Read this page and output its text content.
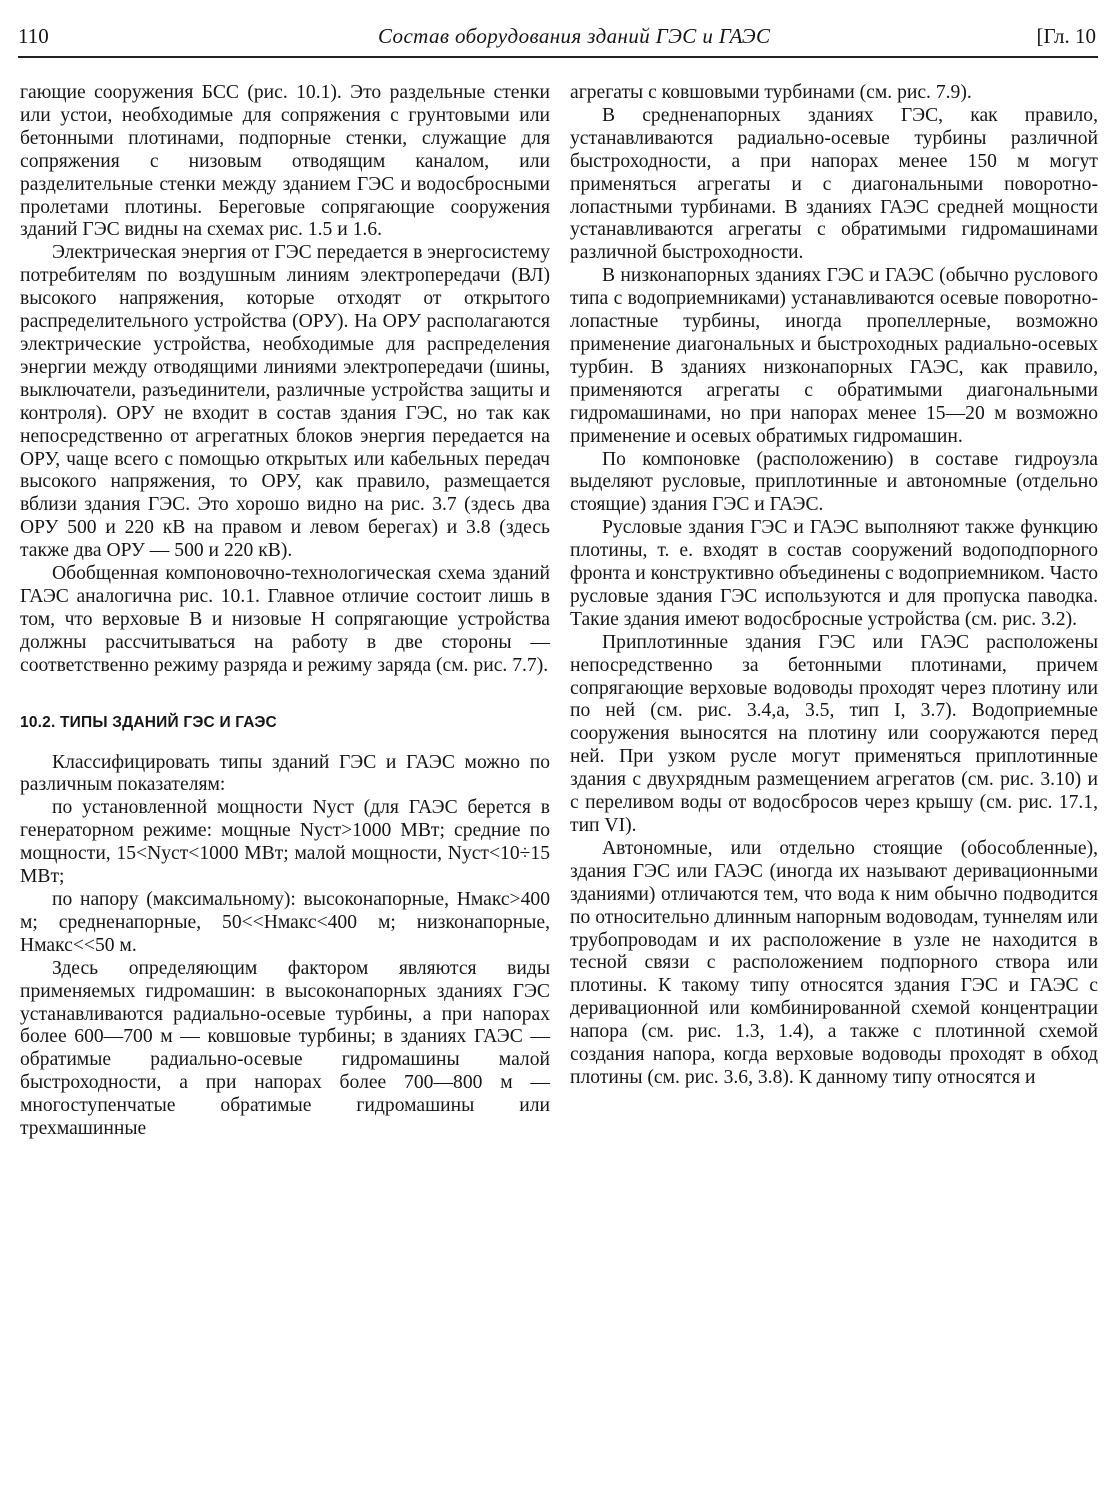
110	Состав оборудования зданий ГЭС и ГАЭС	[Гл. 10

гающие сооружения БСС (рис. 10.1). Это раздельные стенки или устои, необходимые для сопряжения с грунтовыми или бетонными плотинами, подпорные стенки, служащие для сопряжения с низовым отводящим каналом, или разделительные стенки между зданием ГЭС и водосбросными пролетами плотины. Береговые сопрягающие сооружения зданий ГЭС видны на схемах рис. 1.5 и 1.6.

Электрическая энергия от ГЭС передается в энергосистему потребителям по воздушным линиям электропередачи (ВЛ) высокого напряжения, которые отходят от открытого распределительного устройства (ОРУ). На ОРУ располагаются электрические устройства, необходимые для распределения энергии между отводящими линиями электропередачи (шины, выключатели, разъединители, различные устройства защиты и контроля). ОРУ не входит в состав здания ГЭС, но так как непосредственно от агрегатных блоков энергия передается на ОРУ, чаще всего с помощью открытых или кабельных передач высокого напряжения, то ОРУ, как правило, размещается вблизи здания ГЭС. Это хорошо видно на рис. 3.7 (здесь два ОРУ 500 и 220 кВ на правом и левом берегах) и 3.8 (здесь также два ОРУ — 500 и 220 кВ).

Обобщенная компоновочно-технологическая схема зданий ГАЭС аналогична рис. 10.1. Главное отличие состоит лишь в том, что верховые В и низовые Н сопрягающие устройства должны рассчитываться на работу в две стороны — соответственно режиму разряда и режиму заряда (см. рис. 7.7).

10.2. ТИПЫ ЗДАНИЙ ГЭС И ГАЭС

Классифицировать типы зданий ГЭС и ГАЭС можно по различным показателям:

по установленной мощности Nуст (для ГАЭС берется в генераторном режиме: мощные Nуст>1000 МВт; средние по мощности, 15<Nуст<1000 МВт; малой мощности, Nуст<10÷15 МВт;

по напору (максимальному): высоконапорные, Hмакс>400 м; средненапорные, 50<<Hмакс<400 м; низконапорные, Hмакс<<50 м.

Здесь определяющим фактором являются виды применяемых гидромашин: в высоконапорных зданиях ГЭС устанавливаются радиально-осевые турбины, а при напорах более 600—700 м — ковшовые турбины; в зданиях ГАЭС — обратимые радиально-осевые гидромашины малой быстроходности, а при напорах более 700—800 м — многоступенчатые обратимые гидромашины или трехмашинные

агрегаты с ковшовыми турбинами (см. рис. 7.9).

В средненапорных зданиях ГЭС, как правило, устанавливаются радиально-осевые турбины различной быстроходности, а при напорах менее 150 м могут применяться агрегаты и с диагональными поворотно-лопастными турбинами. В зданиях ГАЭС средней мощности устанавливаются агрегаты с обратимыми гидромашинами различной быстроходности.

В низконапорных зданиях ГЭС и ГАЭС (обычно руслового типа с водоприемниками) устанавливаются осевые поворотно-лопастные турбины, иногда пропеллерные, возможно применение диагональных и быстроходных радиально-осевых турбин. В зданиях низконапорных ГАЭС, как правило, применяются агрегаты с обратимыми диагональными гидромашинами, но при напорах менее 15—20 м возможно применение и осевых обратимых гидромашин.

По компоновке (расположению) в составе гидроузла выделяют русловые, приплотинные и автономные (отдельно стоящие) здания ГЭС и ГАЭС.

Русловые здания ГЭС и ГАЭС выполняют также функцию плотины, т. е. входят в состав сооружений водоподпорного фронта и конструктивно объединены с водоприемником. Часто русловые здания ГЭС используются и для пропуска паводка. Такие здания имеют водосбросные устройства (см. рис. 3.2).

Приплотинные здания ГЭС или ГАЭС расположены непосредственно за бетонными плотинами, причем сопрягающие верховые водоводы проходят через плотину или по ней (см. рис. 3.4,а, 3.5, тип I, 3.7). Водоприемные сооружения выносятся на плотину или сооружаются перед ней. При узком русле могут применяться приплотинные здания с двухрядным размещением агрегатов (см. рис. 3.10) и с переливом воды от водосбросов через крышу (см. рис. 17.1, тип VI).

Автономные, или отдельно стоящие (обособленные), здания ГЭС или ГАЭС (иногда их называют деривационными зданиями) отличаются тем, что вода к ним обычно подводится по относительно длинным напорным водоводам, туннелям или трубопроводам и их расположение в узле не находится в тесной связи с расположением подпорного створа или плотины. К такому типу относятся здания ГЭС и ГАЭС с деривационной или комбинированной схемой концентрации напора (см. рис. 1.3, 1.4), а также с плотинной схемой создания напора, когда верховые водоводы проходят в обход плотины (см. рис. 3.6, 3.8). К данному типу относятся и
